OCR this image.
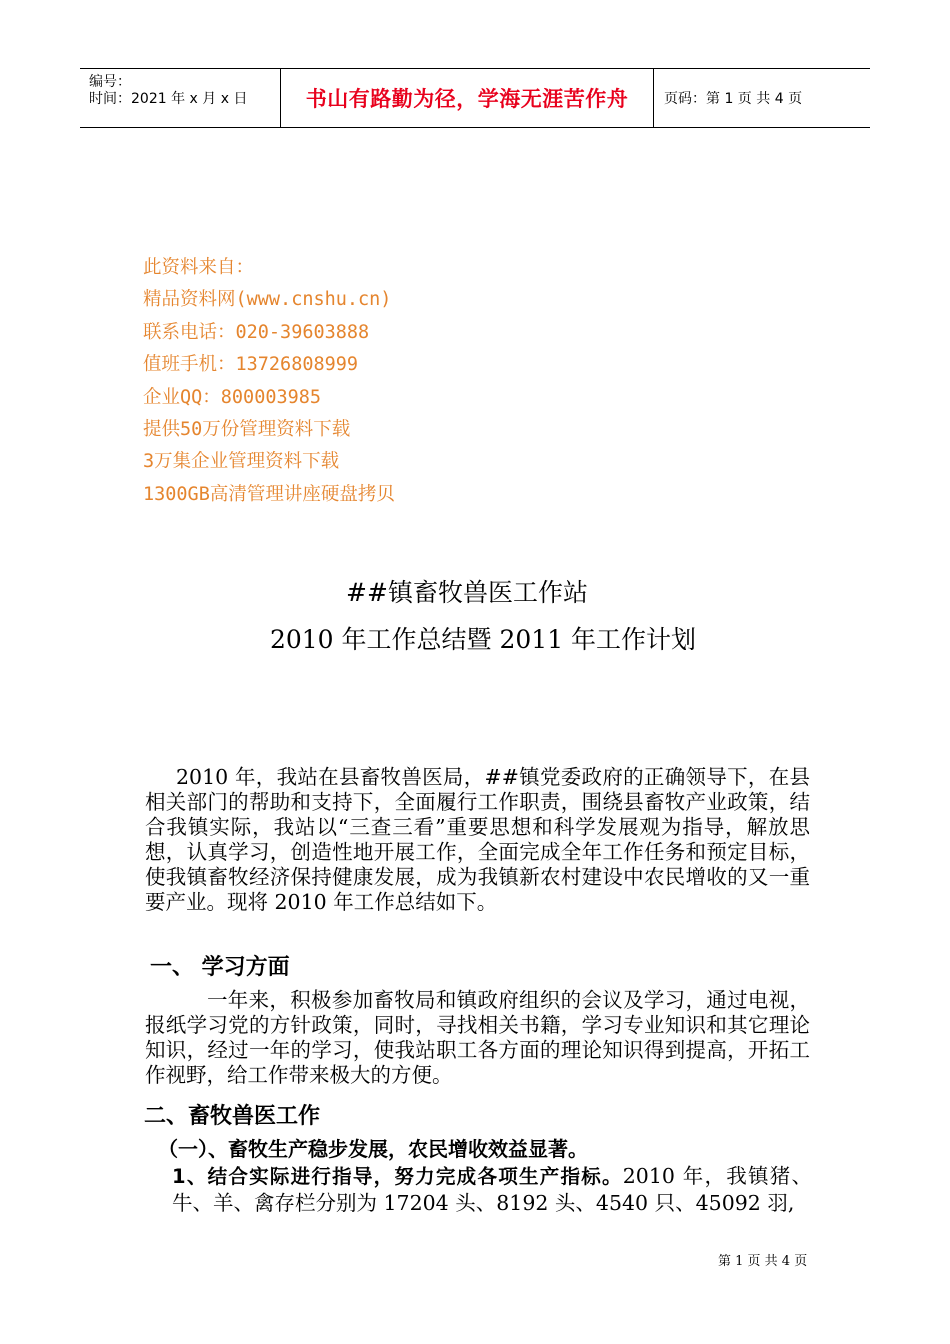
编号：
时间：2021 年 x 月 x 日	书山有路勤为径，学海无涯苦作舟	页码：第 1 页 共 4 页
此资料来自：
精品资料网(www.cnshu.cn)
联系电话：020-39603888
值班手机：13726808999
企业QQ：800003985
提供50万份管理资料下载
3万集企业管理资料下载
1300GB高清管理讲座硬盘拷贝
##镇畜牧兽医工作站
2010 年工作总结暨 2011 年工作计划
2010 年，我站在县畜牧兽医局，##镇党委政府的正确领导下，在县相关部门的帮助和支持下，全面履行工作职责，围绕县畜牧产业政策，结合我镇实际，我站以“三查三看”重要思想和科学发展观为指导，解放思想，认真学习，创造性地开展工作，全面完成全年工作任务和预定目标，使我镇畜牧经济保持健康发展，成为我镇新农村建设中农民增收的又一重要产业。现将 2010 年工作总结如下。
一、 学习方面
一年来，积极参加畜牧局和镇政府组织的会议及学习，通过电视，报纸学习党的方针政策，同时，寻找相关书籍，学习专业知识和其它理论知识，经过一年的学习，使我站职工各方面的理论知识得到提高，开拓工作视野，给工作带来极大的方便。
二、畜牧兽医工作
（一）、畜牧生产稳步发展，农民增收效益显著。
1、结合实际进行指导，努力完成各项生产指标。2010 年，我镇猪、牛、羊、禽存栏分别为 17204 头、8192 头、4540 只、45092 羽,
第 1 页 共 4 页
